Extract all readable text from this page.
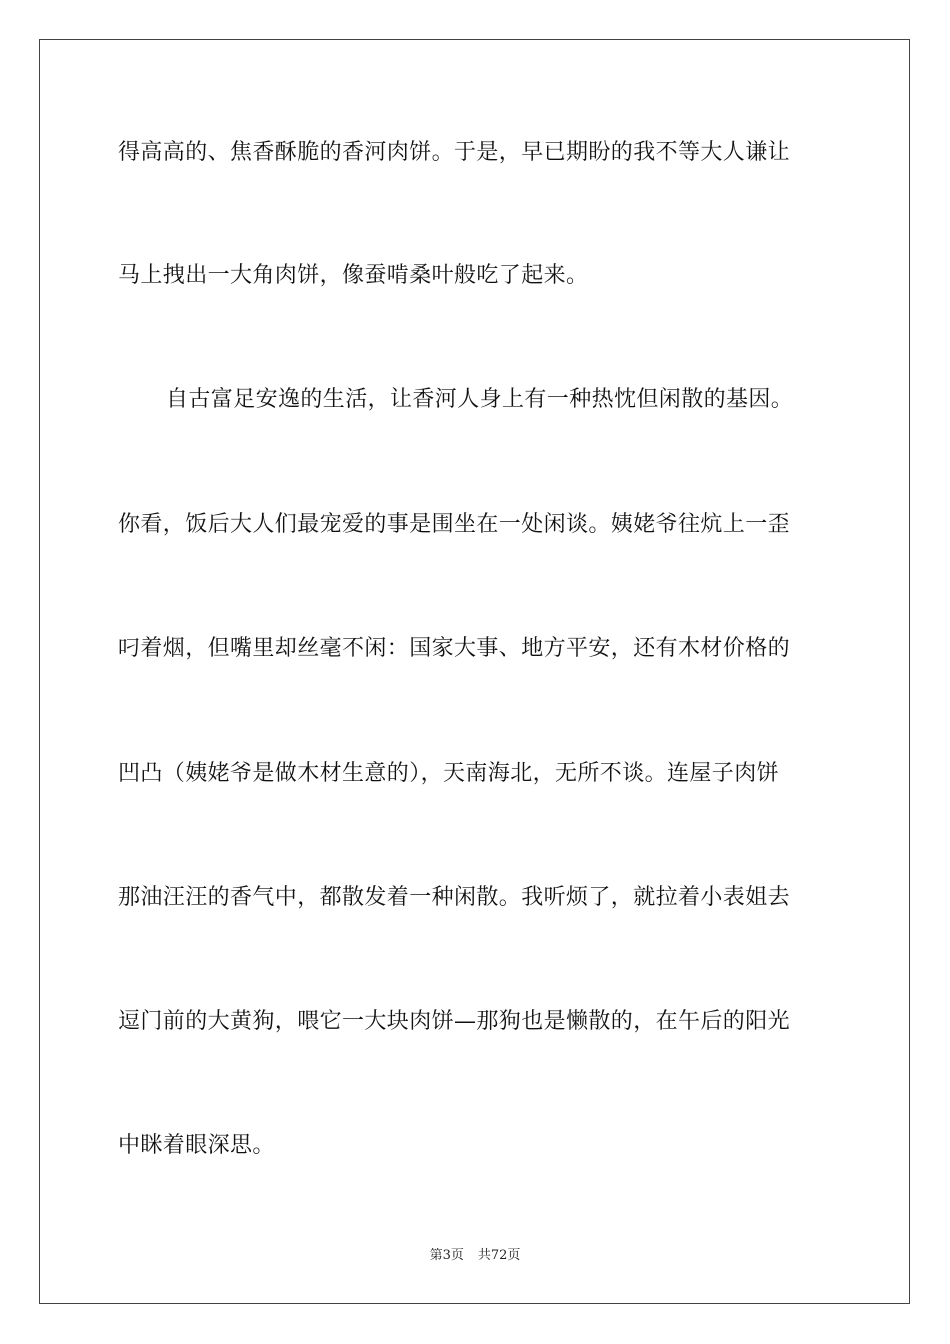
得高高的、焦香酥脆的香河肉饼。于是，早已期盼的我不等大人谦让
马上拽出一大角肉饼，像蚕啃桑叶般吃了起来。
自古富足安逸的生活，让香河人身上有一种热忱但闲散的基因。
你看，饭后大人们最宠爱的事是围坐在一处闲谈。姨姥爷往炕上一歪
叼着烟，但嘴里却丝毫不闲：国家大事、地方平安，还有木材价格的
凹凸（姨姥爷是做木材生意的），天南海北，无所不谈。连屋子肉饼
那油汪汪的香气中，都散发着一种闲散。我听烦了，就拉着小表姐去
逗门前的大黄狗，喂它一大块肉饼—那狗也是懒散的，在午后的阳光
中眯着眼深思。
第3页 共72页
